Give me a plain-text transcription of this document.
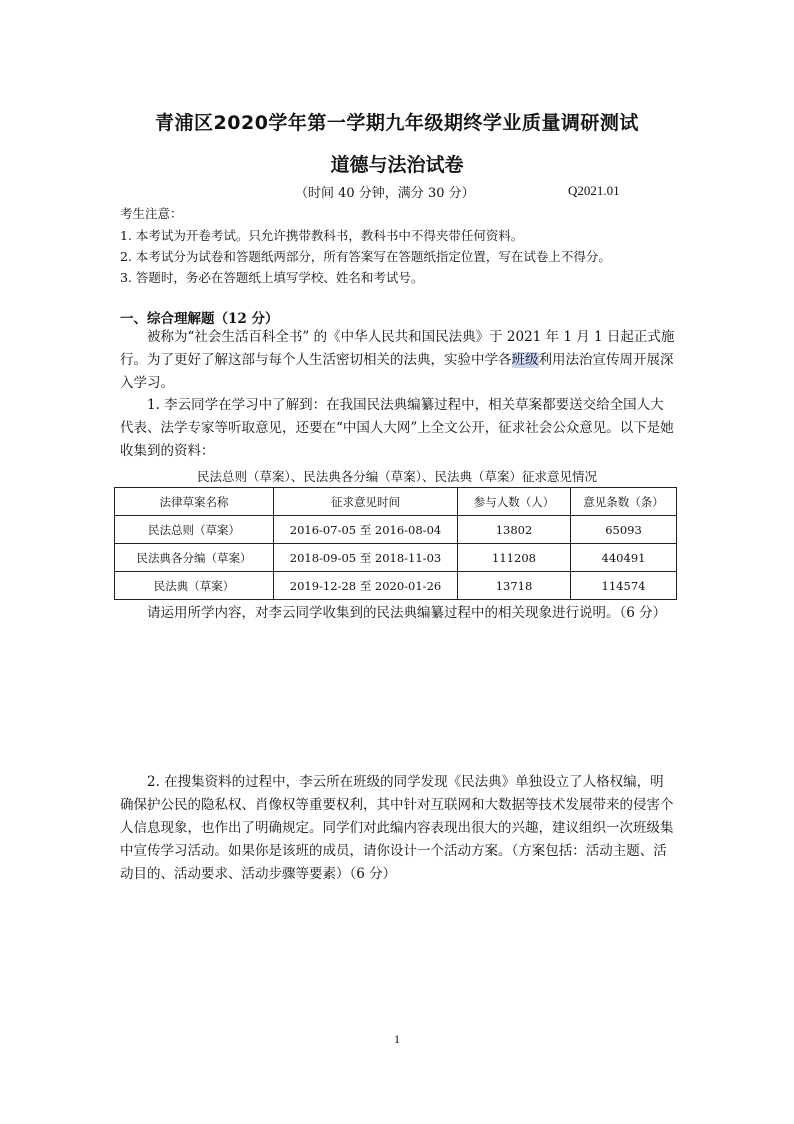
青浦区2020学年第一学期九年级期终学业质量调研测试
道德与法治试卷
（时间 40 分钟，满分 30 分）	Q2021.01
考生注意：
1. 本考试为开卷考试。只允许携带教科书，教科书中不得夹带任何资料。
2. 本考试分为试卷和答题纸两部分，所有答案写在答题纸指定位置，写在试卷上不得分。
3. 答题时，务必在答题纸上填写学校、姓名和考试号。
一、综合理解题（12 分）
被称为“社会生活百科全书” 的《中华人民共和国民法典》于 2021 年 1 月 1 日起正式施行。为了更好了解这部与每个人生活密切相关的法典，实验中学各班级利用法治宣传周开展深入学习。
1. 李云同学在学习中了解到：在我国民法典编纂过程中，相关草案都要送交给全国人大代表、法学专家等听取意见，还要在“中国人大网”上全文公开，征求社会公众意见。以下是她收集到的资料：
民法总则（草案）、民法典各分编（草案）、民法典（草案）征求意见情况
法律草案名称	征求意见时间	参与人数（人）	意见条数（条）
民法总则（草案）	2016-07-05 至 2016-08-04	13802	65093
民法典各分编（草案）	2018-09-05 至 2018-11-03	111208	440491
民法典（草案）	2019-12-28 至 2020-01-26	13718	114574
请运用所学内容，对李云同学收集到的民法典编纂过程中的相关现象进行说明。（6 分）
2. 在搜集资料的过程中，李云所在班级的同学发现《民法典》单独设立了人格权编，明确保护公民的隐私权、肖像权等重要权利，其中针对互联网和大数据等技术发展带来的侵害个人信息现象，也作出了明确规定。同学们对此编内容表现出很大的兴趣，建议组织一次班级集中宣传学习活动。如果你是该班的成员，请你设计一个活动方案。（方案包括：活动主题、活动目的、活动要求、活动步骤等要素）（6 分）
1
